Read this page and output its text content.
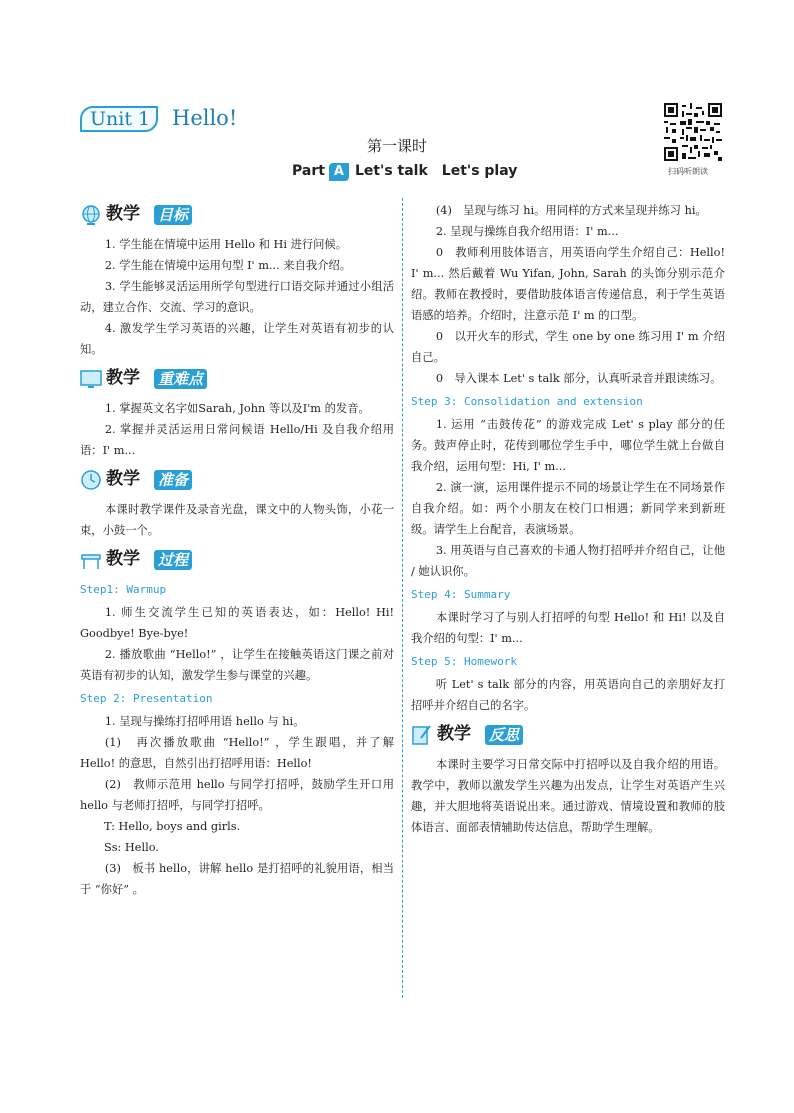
Unit 1	Hello!
第一课时
Part A Let's talk Let's play	扫码听朗读
教学 目标

1. 学生能在情境中运用 Hello 和 Hi 进行问候。

2. 学生能在情境中运用句型 I' m... 来自我介绍。

3. 学生能够灵活运用所学句型进行口语交际并通过小组活动，建立合作、交流、学习的意识。

4. 激发学生学习英语的兴趣，让学生对英语有初步的认知。

教学 重难点

1. 掌握英文名字如Sarah, John 等以及I'm 的发音。

2. 掌握并灵活运用日常问候语 Hello/Hi 及自我介绍用语：I' m...

教学 准备

本课时教学课件及录音光盘，课文中的人物头饰，小花一束，小鼓一个。

教学 过程
Step1: Warmup

1. 师生交流学生已知的英语表达，如：Hello! Hi! Goodbye! Bye-bye!

2. 播放歌曲 “Hello!” ，让学生在接触英语这门课之前对英语有初步的认知，激发学生参与课堂的兴趣。

Step 2: Presentation

1. 呈现与操练打招呼用语 hello 与 hi。

(1)　再次播放歌曲 “Hello!” ，学生跟唱，并了解 Hello! 的意思，自然引出打招呼用语：Hello!

(2)　教师示范用 hello 与同学打招呼，鼓励学生开口用 hello 与老师打招呼，与同学打招呼。

T: Hello, boys and girls.

Ss: Hello.

(3)　板书 hello，讲解 hello 是打招呼的礼貌用语，相当于 “你好” 。

(4)　呈现与练习 hi。用同样的方式来呈现并练习 hi。

2. 呈现与操练自我介绍用语：I' m...

0　教师利用肢体语言，用英语向学生介绍自己：Hello! I' m... 然后戴着 Wu Yifan, John, Sarah 的头饰分别示范介绍。教师在教授时，要借助肢体语言传递信息，利于学生英语语感的培养。介绍时，注意示范 I' m 的口型。

0　以开火车的形式，学生 one by one 练习用 I' m 介绍自己。

0　导入课本 Let' s talk 部分，认真听录音并跟读练习。

Step 3: Consolidation and extension

1. 运用 “击鼓传花” 的游戏完成 Let' s play 部分的任务。鼓声停止时，花传到哪位学生手中，哪位学生就上台做自我介绍，运用句型：Hi, I' m...

2. 演一演，运用课件提示不同的场景让学生在不同场景作自我介绍。如：两个小朋友在校门口相遇；新同学来到新班级。请学生上台配音，表演场景。

3. 用英语与自己喜欢的卡通人物打招呼并介绍自己，让他 / 她认识你。

Step 4: Summary

本课时学习了与别人打招呼的句型 Hello! 和 Hi! 以及自我介绍的句型：I' m...

Step 5: Homework

听 Let' s talk 部分的内容，用英语向自己的亲朋好友打招呼并介绍自己的名字。

教学 反思

本课时主要学习日常交际中打招呼以及自我介绍的用语。教学中，教师以激发学生兴趣为出发点，让学生对英语产生兴趣，并大胆地将英语说出来。通过游戏、情境设置和教师的肢体语言、面部表情辅助传达信息，帮助学生理解。
